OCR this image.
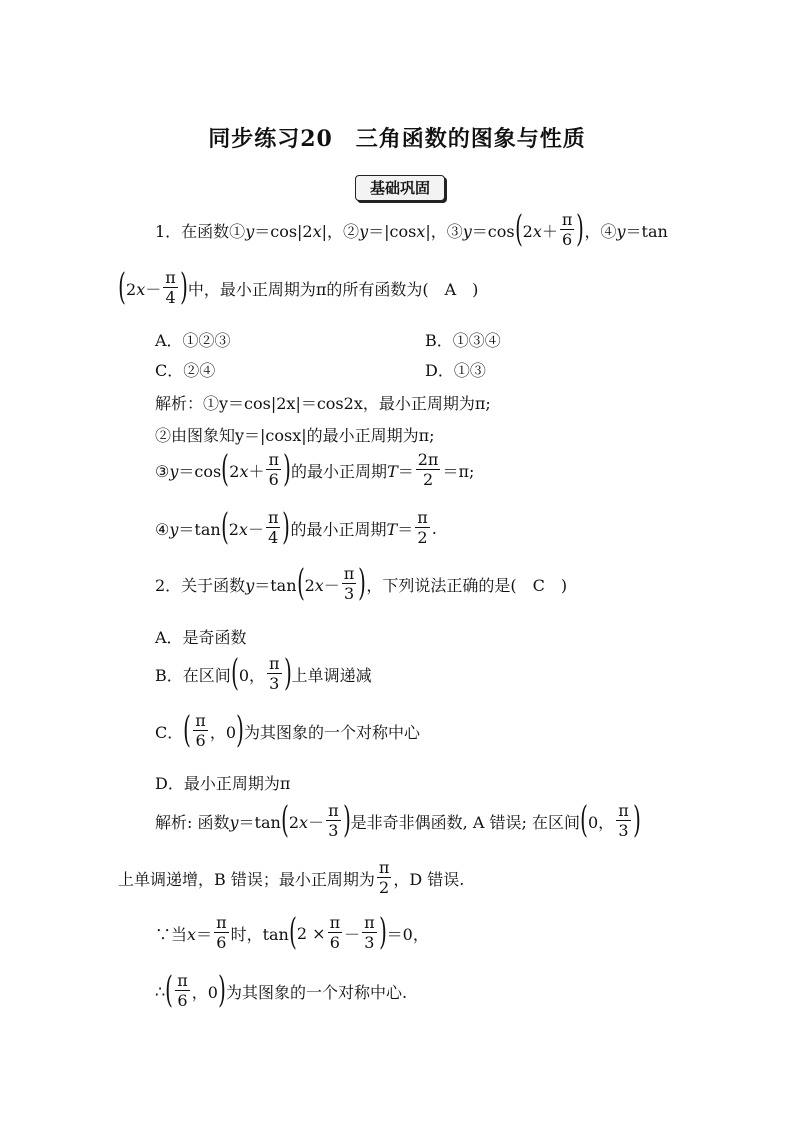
同步练习20　三角函数的图象与性质
基础巩固
1．在函数①y＝cos|2x|，②y＝|cosx|，③y＝cos ( $2x+ \frac{\pi}{6}$ ) ，④y＝tan
( $2x- \frac{\pi}{4}$ ) 中，最小正周期为π的所有函数为(　A　)
A．①②③	B．①③④
C．②④	D．①③
解析：①y＝cos|2x|＝cos2x，最小正周期为π;
②由图象知y＝|cosx|的最小正周期为π;
③y＝cos ( $2x+ \frac{\pi}{6}$ ) 的最小正周期$T= \frac{2\pi}{2} =\pi$;
④y＝tan ( $2x- \frac{\pi}{4}$ ) 的最小正周期$T= \frac{\pi}{2}$ .
2．关于函数y＝tan ( $2x- \frac{\pi}{3}$ ) ，下列说法正确的是(　C　)
A．是奇函数
B．在区间 ( 0， $\frac{\pi}{3}$ ) 上单调递减
C． ( $\frac{\pi}{6}$ ，0 ) 为其图象的一个对称中心
D．最小正周期为π
解析: 函数y＝tan ( $2x- \frac{\pi}{3}$ ) 是非奇非偶函数, A 错误; 在区间 ( 0， $\frac{\pi}{3}$ )
上单调递增，B 错误；最小正周期为 $\frac{\pi}{2}$ ，D 错误.
∵当$x= \frac{\pi}{6}$ 时，tan ( $2 \times \frac{\pi}{6} - \frac{\pi}{3}$ ) ＝0，
∴ ( $\frac{\pi}{6}$ ，0 ) 为其图象的一个对称中心.
